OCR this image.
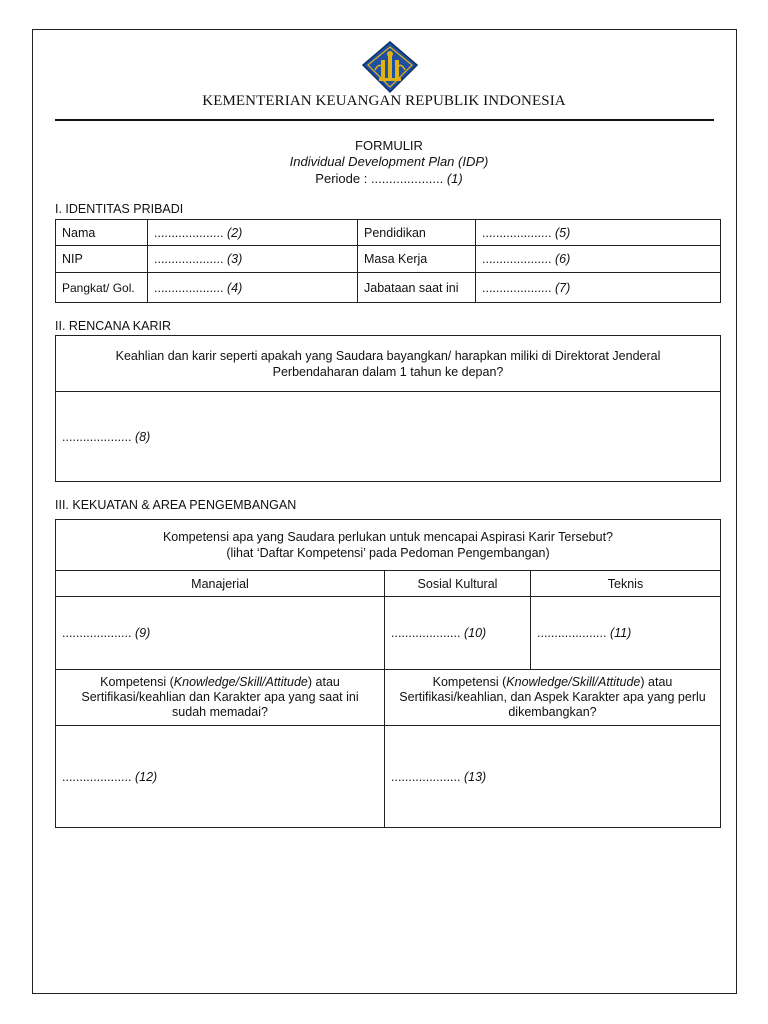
KEMENTERIAN KEUANGAN REPUBLIK INDONESIA
FORMULIR
Individual Development Plan (IDP)
Periode : .................... (1)
I. IDENTITAS PRIBADI
Nama	.................... (2)	Pendidikan	.................... (5)
NIP	.................... (3)	Masa Kerja	.................... (6)
Pangkat/ Gol.	.................... (4)	Jabataan saat ini	.................... (7)
II. RENCANA KARIR
Keahlian dan karir seperti apakah yang Saudara bayangkan/ harapkan miliki di Direktorat Jenderal Perbendaharan dalam 1 tahun ke depan?
.................... (8)
III. KEKUATAN & AREA PENGEMBANGAN
Kompetensi apa yang Saudara perlukan untuk mencapai Aspirasi Karir Tersebut?
(lihat ‘Daftar Kompetensi’ pada Pedoman Pengembangan)		

Manajerial	Sosial Kultural	Teknis
.................... (9)	.................... (10)	.................... (11)
Kompetensi (Knowledge/Skill/Attitude) atau Sertifikasi/keahlian dan Karakter apa yang saat ini sudah memadai?	Kompetensi (Knowledge/Skill/Attitude) atau Sertifikasi/keahlian, dan Aspek Karakter apa yang perlu dikembangkan?	
.................... (12)	.................... (13)	
